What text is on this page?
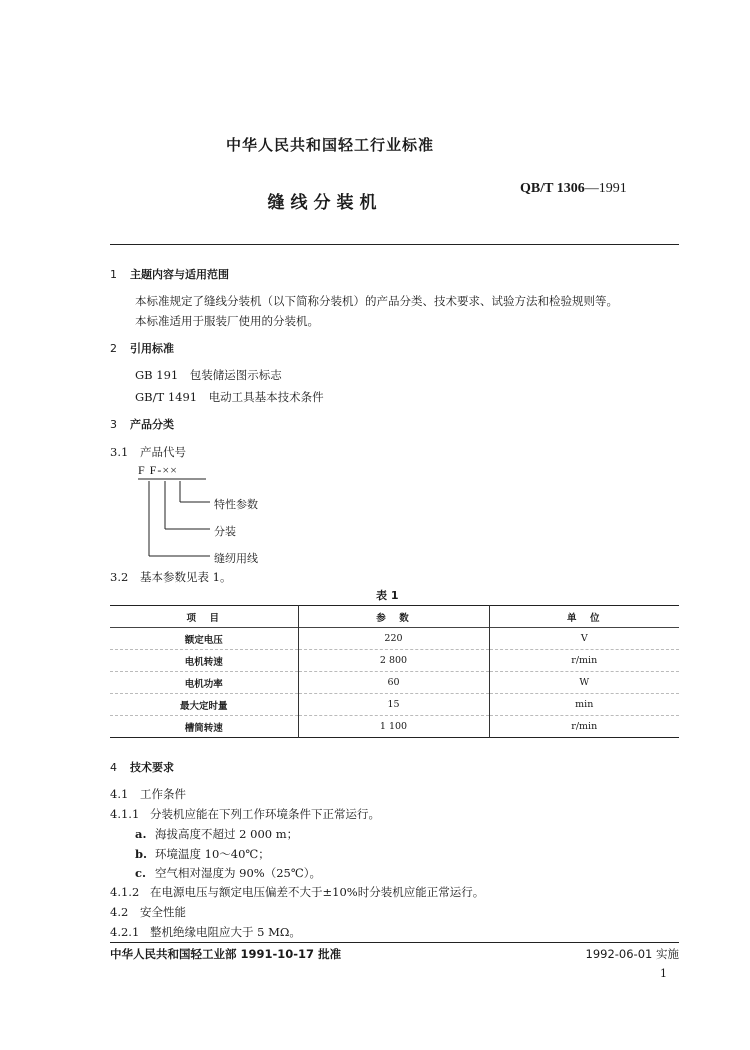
中华人民共和国轻工行业标准
缝线分装机
QB/T 1306—1991
1 主题内容与适用范围
本标准规定了缝线分装机（以下简称分装机）的产品分类、技术要求、试验方法和检验规则等。
本标准适用于服装厂使用的分装机。
2 引用标准
GB 191　包装储运图示标志
GB/T 1491　电动工具基本技术条件
3 产品分类
3.1 产品代号
F F-××
特性参数
分装
缝纫用线
3.2 基本参数见表 1。
表 1
项　目	参　数	单　位
额定电压	220	V
电机转速	2 800	r/min
电机功率	60	W
最大定时量	15	min
槽筒转速	1 100	r/min
4 技术要求
4.1 工作条件
4.1.1 分装机应能在下列工作环境条件下正常运行。
a. 海拔高度不超过 2 000 m；
b. 环境温度 10～40℃；
c. 空气相对湿度为 90%（25℃）。
4.1.2 在电源电压与额定电压偏差不大于±10%时分装机应能正常运行。
4.2 安全性能
4.2.1 整机绝缘电阻应大于 5 MΩ。
中华人民共和国轻工业部 1991-10-17 批准	1992-06-01 实施
1
